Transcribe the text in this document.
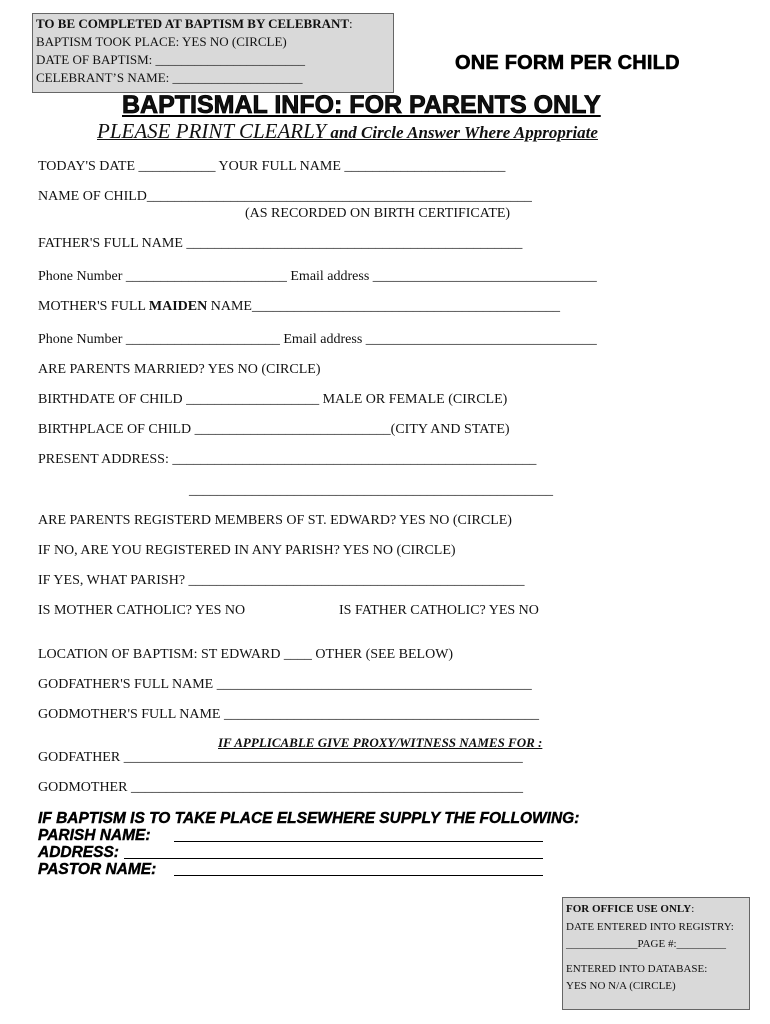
TO BE COMPLETED AT BAPTISM BY CELEBRANT:
BAPTISM TOOK PLACE: YES NO (CIRCLE)
DATE OF BAPTISM: _______________________
CELEBRANT’S NAME: ____________________
ONE FORM PER CHILD
BAPTISMAL INFO: FOR PARENTS ONLY
PLEASE PRINT CLEARLY and Circle Answer Where Appropriate
TODAY'S DATE ___________ YOUR FULL NAME _______________________
NAME OF CHILD_______________________________________________________
(AS RECORDED ON BIRTH CERTIFICATE)
FATHER'S FULL NAME ________________________________________________
Phone Number _______________________ Email address ________________________________
MOTHER'S FULL MAIDEN NAME____________________________________________
Phone Number ______________________ Email address _________________________________
ARE PARENTS MARRIED? YES NO (CIRCLE)
BIRTHDATE OF CHILD ___________________ MALE OR FEMALE (CIRCLE)
BIRTHPLACE OF CHILD ____________________________(CITY AND STATE)
PRESENT ADDRESS: ____________________________________________________
____________________________________________________
ARE PARENTS REGISTERD MEMBERS OF ST. EDWARD? YES NO (CIRCLE)
IF NO, ARE YOU REGISTERED IN ANY PARISH? YES NO (CIRCLE)
IF YES, WHAT PARISH? ________________________________________________
IS MOTHER CATHOLIC? YES NO	IS FATHER CATHOLIC? YES NO
LOCATION OF BAPTISM: ST EDWARD ____ OTHER (SEE BELOW)
GODFATHER'S FULL NAME _____________________________________________
GODMOTHER'S FULL NAME _____________________________________________
IF APPLICABLE GIVE PROXY/WITNESS NAMES FOR :
GODFATHER _________________________________________________________
GODMOTHER ________________________________________________________
IF BAPTISM IS TO TAKE PLACE ELSEWHERE SUPPLY THE FOLLOWING:
PARISH NAME:
ADDRESS:
PASTOR NAME:
FOR OFFICE USE ONLY:
DATE ENTERED INTO REGISTRY:
_____________PAGE #:_________
ENTERED INTO DATABASE:
YES NO N/A (CIRCLE)
